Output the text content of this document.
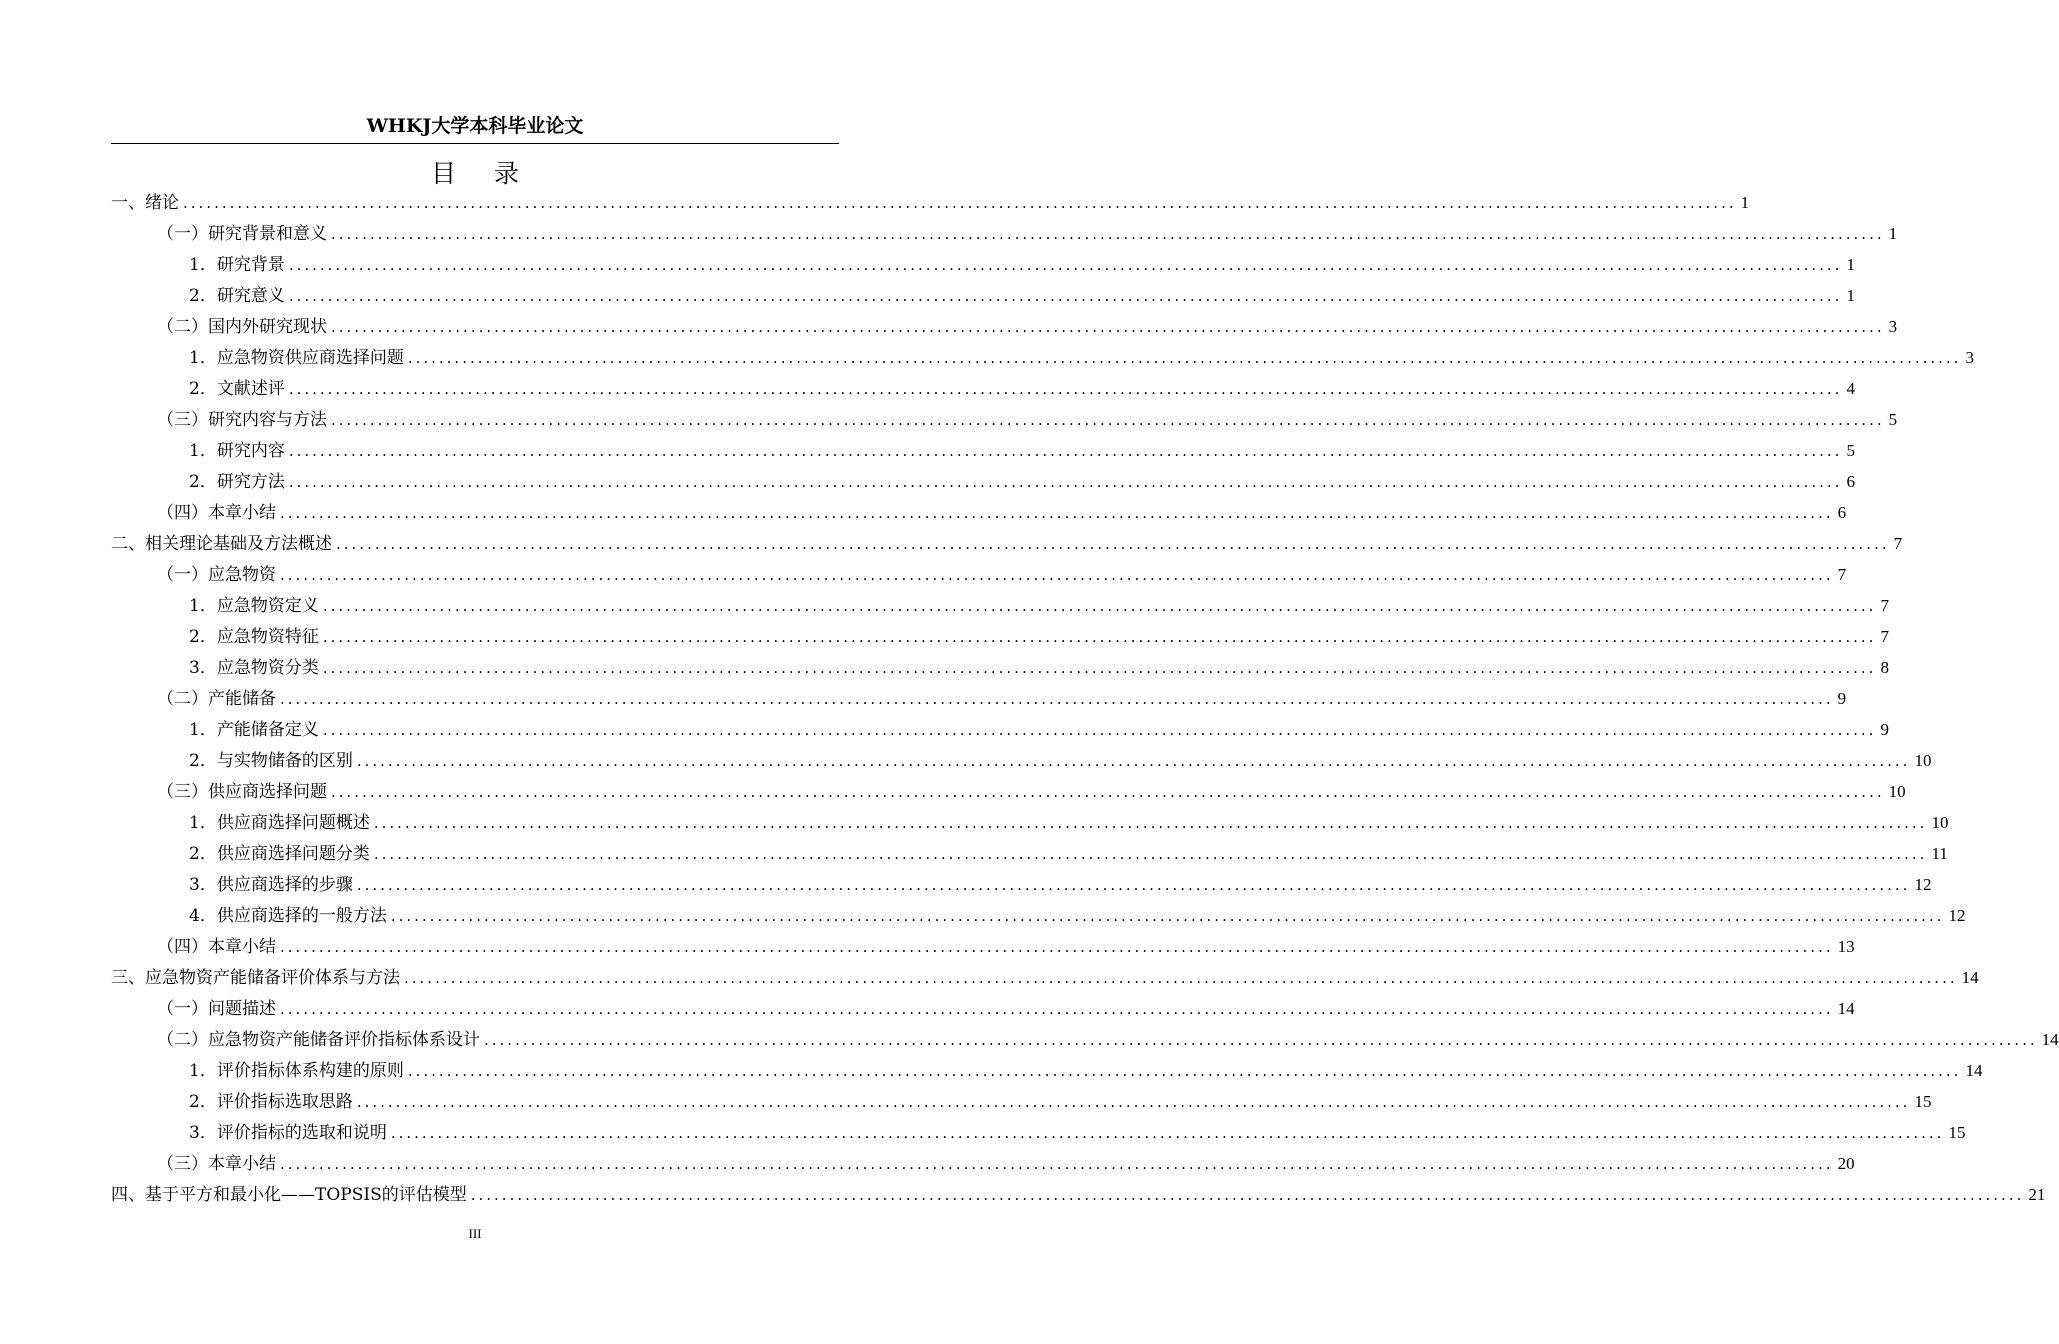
WHKJ大学本科毕业论文
目 录
一、绪论 ........................................................................................................................................................................................................ 1
（一）研究背景和意义 ........................................................................................................................................................................................................ 1
1．研究背景 ........................................................................................................................................................................................................ 1
2．研究意义 ........................................................................................................................................................................................................ 1
（二）国内外研究现状 ........................................................................................................................................................................................................ 3
1．应急物资供应商选择问题 ........................................................................................................................................................................................................ 3
2．文献述评 ........................................................................................................................................................................................................ 4
（三）研究内容与方法 ........................................................................................................................................................................................................ 5
1．研究内容 ........................................................................................................................................................................................................ 5
2．研究方法 ........................................................................................................................................................................................................ 6
（四）本章小结 ........................................................................................................................................................................................................ 6
二、相关理论基础及方法概述 ........................................................................................................................................................................................................ 7
（一）应急物资 ........................................................................................................................................................................................................ 7
1．应急物资定义 ........................................................................................................................................................................................................ 7
2．应急物资特征 ........................................................................................................................................................................................................ 7
3．应急物资分类 ........................................................................................................................................................................................................ 8
（二）产能储备 ........................................................................................................................................................................................................ 9
1．产能储备定义 ........................................................................................................................................................................................................ 9
2．与实物储备的区别 ........................................................................................................................................................................................................ 10
（三）供应商选择问题 ........................................................................................................................................................................................................ 10
1．供应商选择问题概述 ........................................................................................................................................................................................................ 10
2．供应商选择问题分类 ........................................................................................................................................................................................................ 11
3．供应商选择的步骤 ........................................................................................................................................................................................................ 12
4．供应商选择的一般方法 ........................................................................................................................................................................................................ 12
（四）本章小结 ........................................................................................................................................................................................................ 13
三、应急物资产能储备评价体系与方法 ........................................................................................................................................................................................................ 14
（一）问题描述 ........................................................................................................................................................................................................ 14
（二）应急物资产能储备评价指标体系设计 ........................................................................................................................................................................................................ 14
1．评价指标体系构建的原则 ........................................................................................................................................................................................................ 14
2．评价指标选取思路 ........................................................................................................................................................................................................ 15
3．评价指标的选取和说明 ........................................................................................................................................................................................................ 15
（三）本章小结 ........................................................................................................................................................................................................ 20
四、基于平方和最小化——TOPSIS的评估模型 ........................................................................................................................................................................................................ 21
III
